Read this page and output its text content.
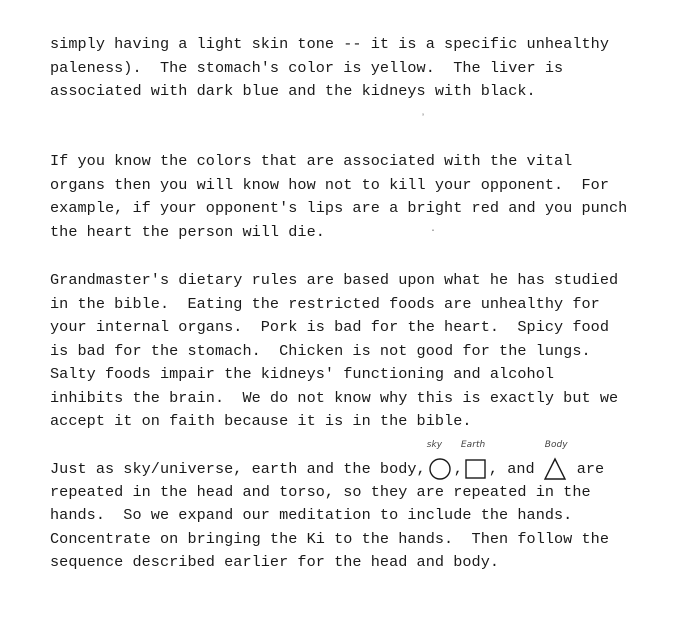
simply having a light skin tone -- it is a specific unhealthy
paleness).  The stomach's color is yellow.  The liver is
associated with dark blue and the kidneys with black.
If you know the colors that are associated with the vital
organs then you will know how not to kill your opponent.  For
example, if your opponent's lips are a bright red and you punch
the heart the person will die.
Grandmaster's dietary rules are based upon what he has studied
in the bible.  Eating the restricted foods are unhealthy for
your internal organs.  Pork is bad for the heart.  Spicy food
is bad for the stomach.  Chicken is not good for the lungs.
Salty foods impair the kidneys' functioning and alcohol
inhibits the brain.  We do not know why this is exactly but we
accept it on faith because it is in the bible.
Just as sky/universe, earth and the body,
sky
,
Earth
, and
Body
are
repeated in the head and torso, so they are repeated in the
hands.  So we expand our meditation to include the hands.
Concentrate on bringing the Ki to the hands.  Then follow the
sequence described earlier for the head and body.
ʼ
·
